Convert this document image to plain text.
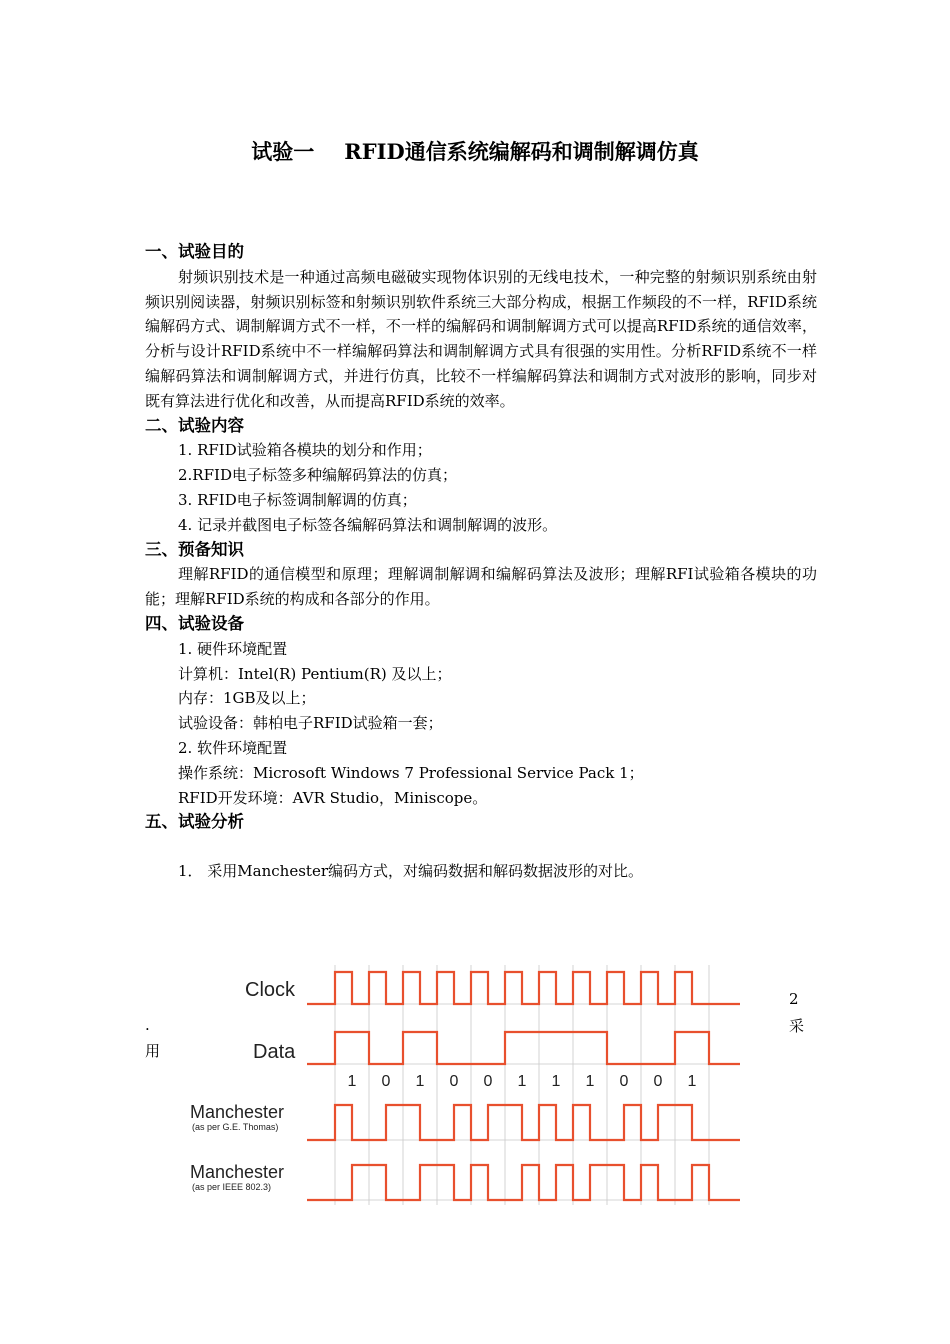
试验一 RFID通信系统编解码和调制解调仿真
一、试验目的
射频识别技术是一种通过高频电磁破实现物体识别的无线电技术，一种完整的射频识别系统由射频识别阅读器，射频识别标签和射频识别软件系统三大部分构成，根据工作频段的不一样，RFID系统编解码方式、调制解调方式不一样，不一样的编解码和调制解调方式可以提高RFID系统的通信效率，分析与设计RFID系统中不一样编解码算法和调制解调方式具有很强的实用性。分析RFID系统不一样编解码算法和调制解调方式，并进行仿真，比较不一样编解码算法和调制方式对波形的影响，同步对既有算法进行优化和改善，从而提高RFID系统的效率。
二、试验内容
1. RFID试验箱各模块的划分和作用；
2.RFID电子标签多种编解码算法的仿真；
3. RFID电子标签调制解调的仿真；
4. 记录并截图电子标签各编解码算法和调制解调的波形。
三、预备知识
理解RFID的通信模型和原理；理解调制解调和编解码算法及波形；理解RFI试验箱各模块的功能；理解RFID系统的构成和各部分的作用。
四、试验设备
1. 硬件环境配置
计算机：Intel(R) Pentium(R) 及以上；
内存：1GB及以上；
试验设备：韩柏电子RFID试验箱一套；
2. 软件环境配置
操作系统：Microsoft Windows 7 Professional Service Pack 1；
RFID开发环境：AVR Studio，Miniscope。
五、试验分析
1． 采用Manchester编码方式，对编码数据和解码数据波形的对比。
.
用
2
采
Clock
Data
Manchester
(as per G.E. Thomas)
Manchester
(as per IEEE 802.3)
1 0 1 0 0 1 1 1 0 0 1
